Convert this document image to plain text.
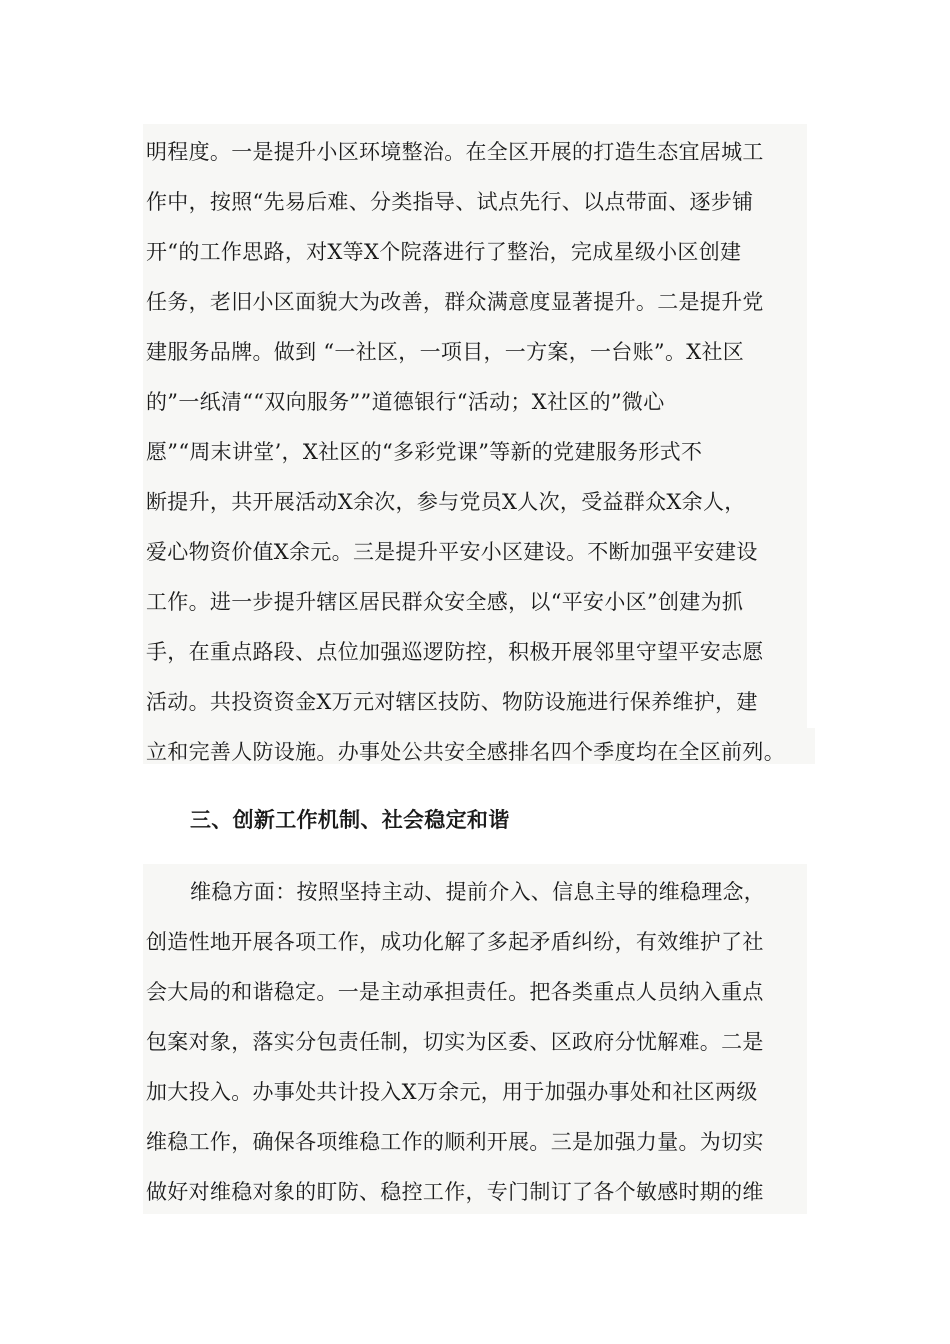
明程度。一是提升小区环境整治。在全区开展的打造生态宜居城工
作中，按照“先易后难、分类指导、试点先行、以点带面、逐步铺
开“的工作思路，对X等X个院落进行了整治，完成星级小区创建
任务，老旧小区面貌大为改善，群众满意度显著提升。二是提升党
建服务品牌。做到 “一社区，一项目，一方案，一台账”。X社区
的”一纸清““双向服务””道德银行“活动；X社区的”微心
愿”“周末讲堂’，X社区的“多彩党课”等新的党建服务形式不
断提升，共开展活动X余次，参与党员X人次，受益群众X余人，
爱心物资价值X余元。三是提升平安小区建设。不断加强平安建设
工作。进一步提升辖区居民群众安全感，以“平安小区”创建为抓
手，在重点路段、点位加强巡逻防控，积极开展邻里守望平安志愿
活动。共投资资金X万元对辖区技防、物防设施进行保养维护，建
立和完善人防设施。办事处公共安全感排名四个季度均在全区前列。
三、创新工作机制、社会稳定和谐
维稳方面：按照坚持主动、提前介入、信息主导的维稳理念，
创造性地开展各项工作，成功化解了多起矛盾纠纷，有效维护了社
会大局的和谐稳定。一是主动承担责任。把各类重点人员纳入重点
包案对象，落实分包责任制，切实为区委、区政府分忧解难。二是
加大投入。办事处共计投入X万余元，用于加强办事处和社区两级
维稳工作，确保各项维稳工作的顺利开展。三是加强力量。为切实
做好对维稳对象的盯防、稳控工作，专门制订了各个敏感时期的维
